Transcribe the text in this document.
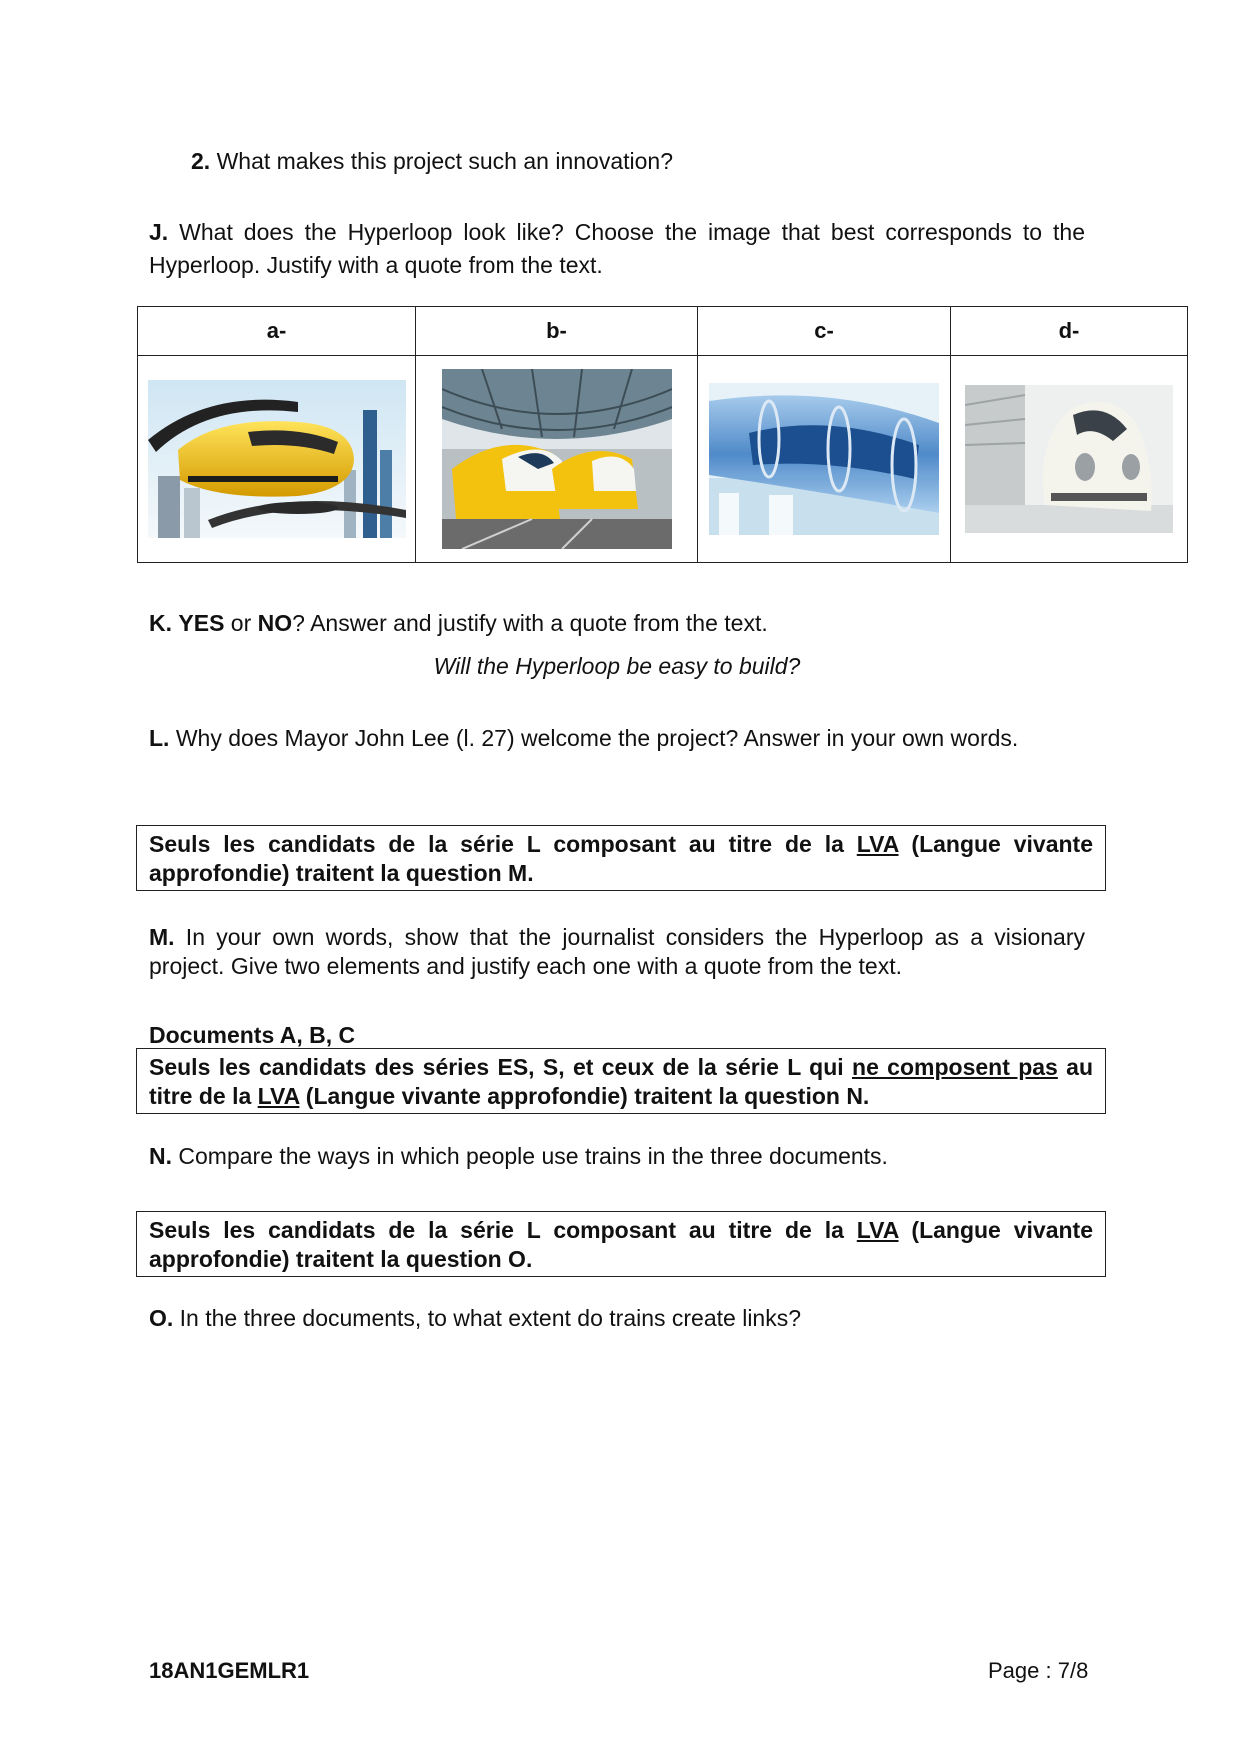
2. What makes this project such an innovation?
J. What does the Hyperloop look like? Choose the image that best corresponds to the Hyperloop. Justify with a quote from the text.
a-	b-	c-	d-

K. YES or NO? Answer and justify with a quote from the text.
Will the Hyperloop be easy to build?
L. Why does Mayor John Lee (l. 27) welcome the project? Answer in your own words.
Seuls les candidats de la série L composant au titre de la LVA (Langue vivante approfondie) traitent la question M.
M. In your own words, show that the journalist considers the Hyperloop as a visionary project. Give two elements and justify each one with a quote from the text.
Documents A, B, C
Seuls les candidats des séries ES, S, et ceux de la série L qui ne composent pas au titre de la LVA (Langue vivante approfondie) traitent la question N.
N. Compare the ways in which people use trains in the three documents.
Seuls les candidats de la série L composant au titre de la LVA (Langue vivante approfondie) traitent la question O.
O. In the three documents, to what extent do trains create links?
18AN1GEMLR1	Page : 7/8
